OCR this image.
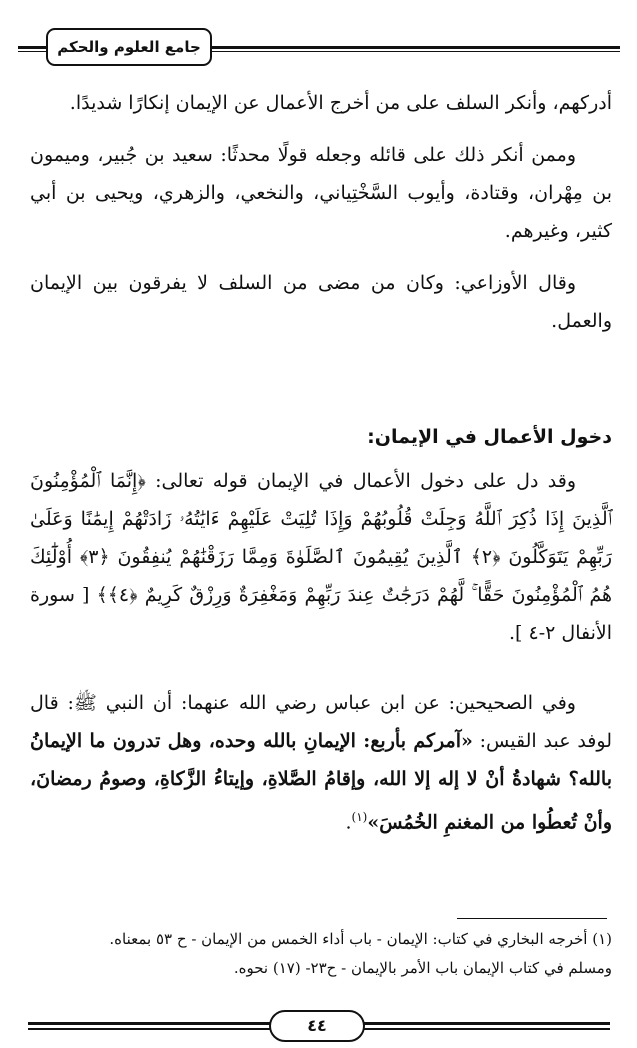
جامع العلوم والحكم

أدركهم، وأنكر السلف على من أخرج الأعمال عن الإيمان إنكارًا شديدًا.

وممن أنكر ذلك على قائله وجعله قولًا محدثًا: سعيد بن جُبير، وميمون بن مِهْران، وقتادة، وأيوب السَّخْتِياني، والنخعي، والزهري، ويحيى بن أبي كثير، وغيرهم.

وقال الأوزاعي: وكان من مضى من السلف لا يفرقون بين الإيمان والعمل.

دخول الأعمال في الإيمان:

وقد دل على دخول الأعمال في الإيمان قوله تعالى: ﴿إِنَّمَا ٱلْمُؤْمِنُونَ ٱلَّذِينَ إِذَا ذُكِرَ ٱللَّهُ وَجِلَتْ قُلُوبُهُمْ وَإِذَا تُلِيَتْ عَلَيْهِمْ ءَايَٰتُهُۥ زَادَتْهُمْ إِيمَٰنًا وَعَلَىٰ رَبِّهِمْ يَتَوَكَّلُونَ ﴿٢﴾ ٱلَّذِينَ يُقِيمُونَ ٱلصَّلَوٰةَ وَمِمَّا رَزَقْنَٰهُمْ يُنفِقُونَ ﴿٣﴾ أُوْلَٰٓئِكَ هُمُ ٱلْمُؤْمِنُونَ حَقًّا ۚ لَّهُمْ دَرَجَٰتٌ عِندَ رَبِّهِمْ وَمَغْفِرَةٌ وَرِزْقٌ كَرِيمٌ ﴿٤﴾﴾ [ سورة الأنفال ٢-٤ ].

وفي الصحيحين: عن ابن عباس رضي الله عنهما: أن النبي ﷺ: قال لوفد عبد القيس: «آمركم بأربع: الإيمانِ بالله وحده، وهل تدرون ما الإيمانُ بالله؟ شهادةُ أنْ لا إله إلا الله، وإقامُ الصَّلاةِ، وإيتاءُ الزَّكاةِ، وصومُ رمضانَ، وأنْ تُعطُوا من المغنمِ الخُمُسَ»$^{(١)}$.

(١) أخرجه البخاري في كتاب: الإيمان - باب أداء الخمس من الإيمان - ح ٥٣ بمعناه.
ومسلم في كتاب الإيمان باب الأمر بالإيمان - ح٢٣- (١٧) نحوه.
٤٤
